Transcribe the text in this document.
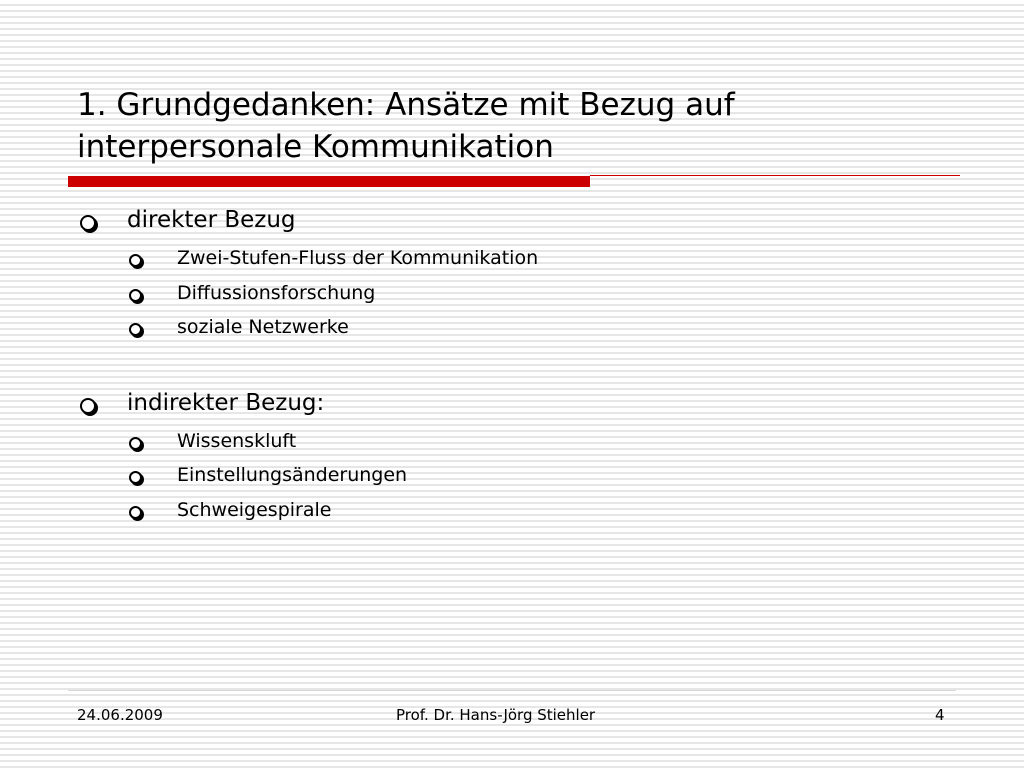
1. Grundgedanken: Ansätze mit Bezug auf
interpersonale Kommunikation
direkter Bezug
Zwei-Stufen-Fluss der Kommunikation
Diffussionsforschung
soziale Netzwerke
indirekter Bezug:
Wissenskluft
Einstellungsänderungen
Schweigespirale
24.06.2009	Prof. Dr. Hans-Jörg Stiehler	4
